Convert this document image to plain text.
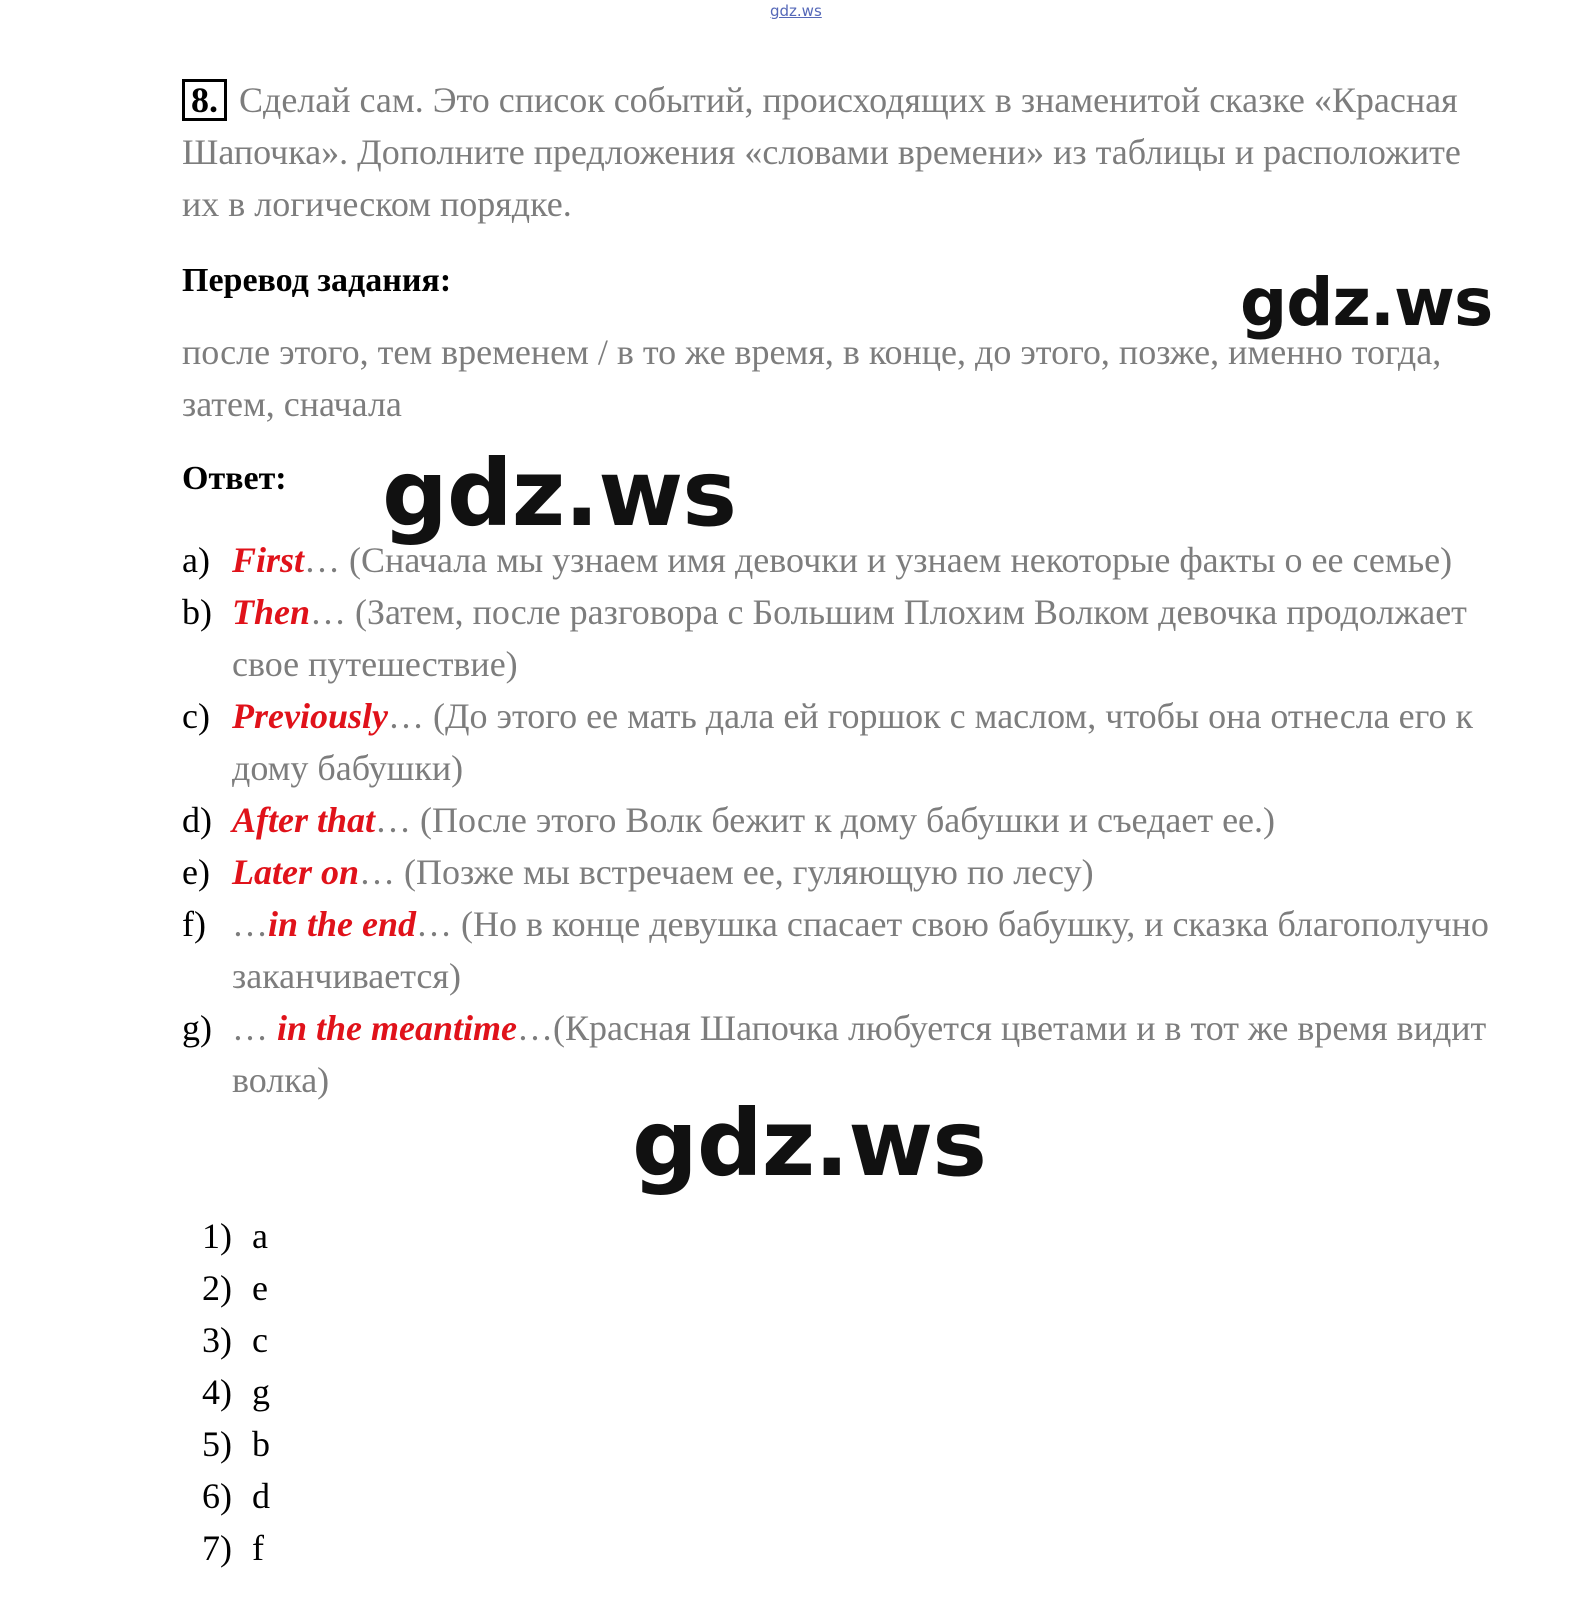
gdz.ws
8. Сделай сам. Это список событий, происходящих в знаменитой сказке «Красная Шапочка». Дополните предложения «словами времени» из таблицы и расположите их в логическом порядке.
Перевод задания:
после этого, тем временем / в то же время, в конце, до этого, позже, именно тогда, затем, сначала
Ответ:
a) First… (Сначала мы узнаем имя девочки и узнаем некоторые факты о ее семье)
b) Then… (Затем, после разговора с Большим Плохим Волком девочка продолжает свое путешествие)
c) Previously… (До этого ее мать дала ей горшок с маслом, чтобы она отнесла его к дому бабушки)
d) After that… (После этого Волк бежит к дому бабушки и съедает ее.)
e) Later on… (Позже мы встречаем ее, гуляющую по лесу)
f) …in the end… (Но в конце девушка спасает свою бабушку, и сказка благополучно заканчивается)
g) … in the meantime…(Красная Шапочка любуется цветами и в тот же время видит волка)
1) a
2) e
3) c
4) g
5) b
6) d
7) f
gdz.ws
gdz.ws
gdz.ws
